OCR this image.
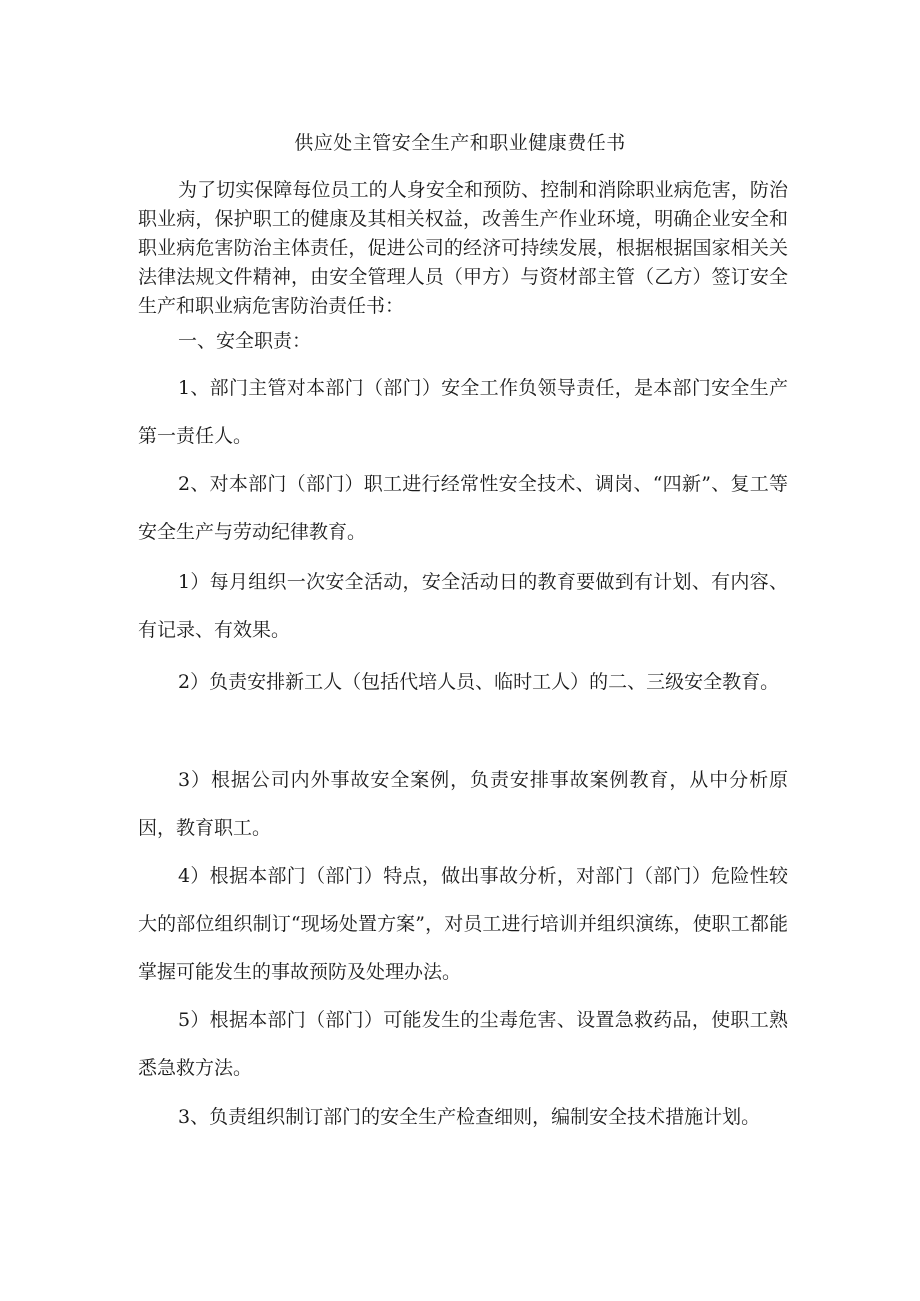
供应处主管安全生产和职业健康费任书

为了切实保障每位员工的人身安全和预防、控制和消除职业病危害，防治职业病，保护职工的健康及其相关权益，改善生产作业环境，明确企业安全和职业病危害防治主体责任，促进公司的经济可持续发展，根据根据国家相关关法律法规文件精神，由安全管理人员（甲方）与资材部主管（乙方）签订安全生产和职业病危害防治责任书：

一、安全职责：

1、部门主管对本部门（部门）安全工作负领导责任，是本部门安全生产第一责任人。

2、对本部门（部门）职工进行经常性安全技术、调岗、“四新”、复工等安全生产与劳动纪律教育。

1）每月组织一次安全活动，安全活动日的教育要做到有计划、有内容、有记录、有效果。

2）负责安排新工人（包括代培人员、临时工人）的二、三级安全教育。

3）根据公司内外事故安全案例，负责安排事故案例教育，从中分析原因，教育职工。

4）根据本部门（部门）特点，做出事故分析，对部门（部门）危险性较大的部位组织制订“现场处置方案”，对员工进行培训并组织演练，使职工都能掌握可能发生的事故预防及处理办法。

5）根据本部门（部门）可能发生的尘毒危害、设置急救药品，使职工熟悉急救方法。

3、负责组织制订部门的安全生产检查细则，编制安全技术措施计划。
